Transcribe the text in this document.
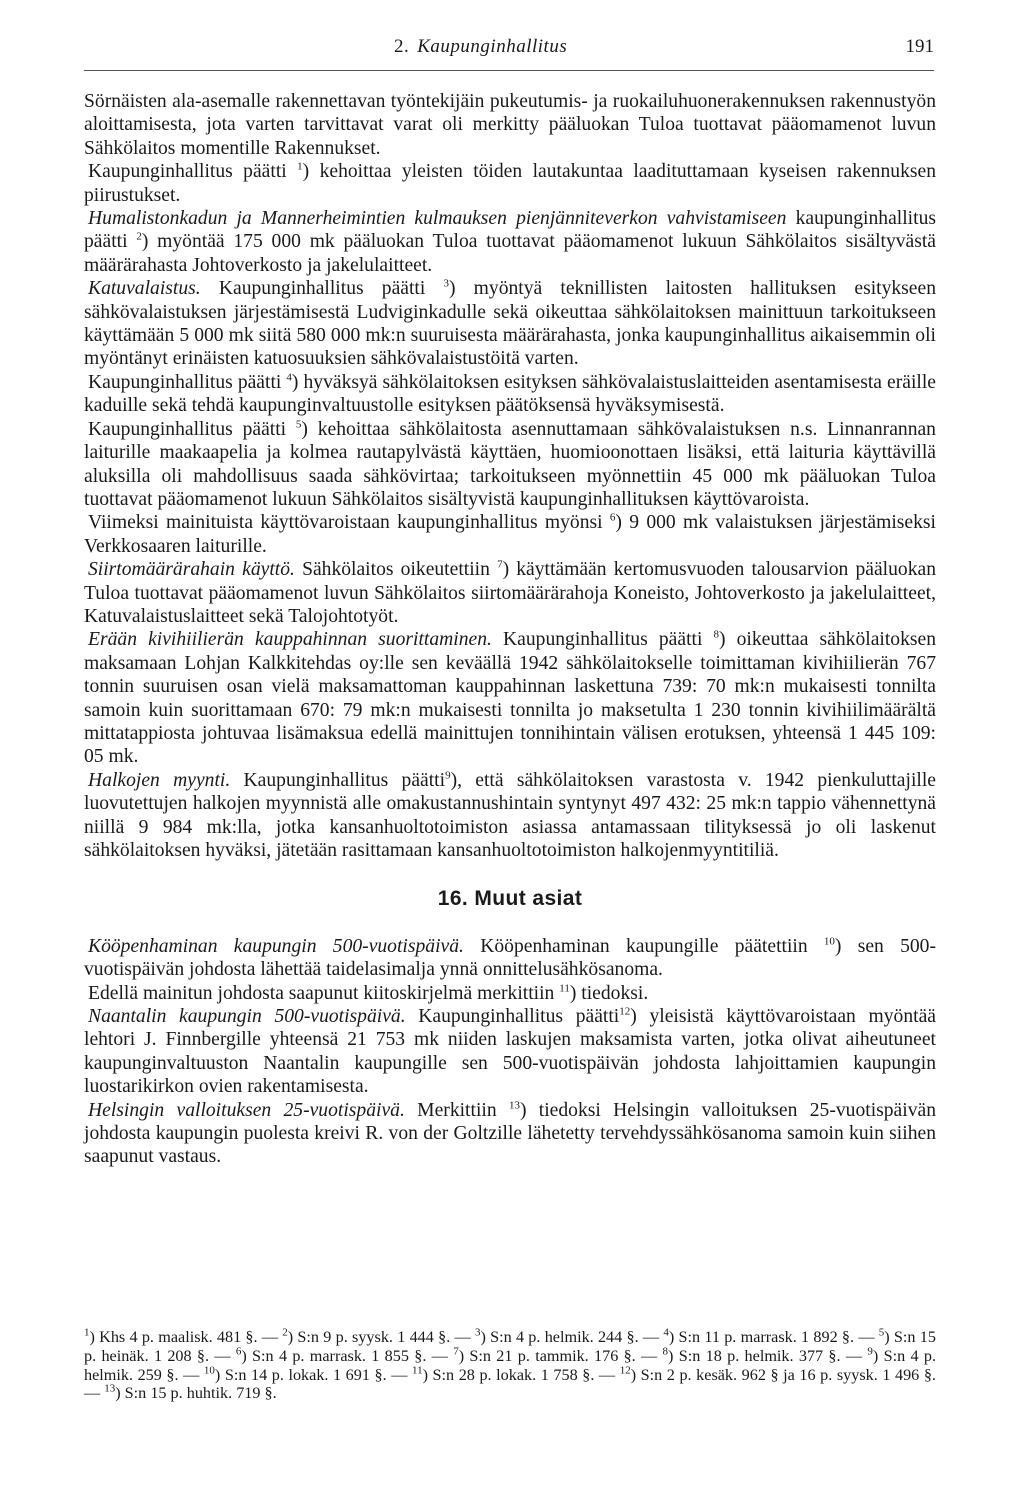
2. Kaupunginhallitus	191

Sörnäisten ala-asemalle rakennettavan työntekijäin pukeutumis- ja ruokailuhuonerakennuksen rakennustyön aloittamisesta, jota varten tarvittavat varat oli merkitty pääluokan Tuloa tuottavat pääomamenot luvun Sähkölaitos momentille Rakennukset.

Kaupunginhallitus päätti $^1$) kehoittaa yleisten töiden lautakuntaa laadituttamaan kyseisen rakennuksen piirustukset.

Humalistonkadun ja Mannerheimintien kulmauksen pienjänniteverkon vahvistamiseen kaupunginhallitus päätti $^2$) myöntää 175 000 mk pääluokan Tuloa tuottavat pääomamenot lukuun Sähkölaitos sisältyvästä määrärahasta Johtoverkosto ja jakelulaitteet.

Katuvalaistus. Kaupunginhallitus päätti $^3$) myöntyä teknillisten laitosten hallituksen esitykseen sähkövalaistuksen järjestämisestä Ludviginkadulle sekä oikeuttaa sähkölaitoksen mainittuun tarkoitukseen käyttämään 5 000 mk siitä 580 000 mk:n suuruisesta määrärahasta, jonka kaupunginhallitus aikaisemmin oli myöntänyt erinäisten katuosuuksien sähkövalaistustöitä varten.

Kaupunginhallitus päätti $^4$) hyväksyä sähkölaitoksen esityksen sähkövalaistuslaitteiden asentamisesta eräille kaduille sekä tehdä kaupunginvaltuustolle esityksen päätöksensä hyväksymisestä.

Kaupunginhallitus päätti $^5$) kehoittaa sähkölaitosta asennuttamaan sähkövalaistuksen n.s. Linnanrannan laiturille maakaapelia ja kolmea rautapylvästä käyttäen, huomioonottaen lisäksi, että laituria käyttävillä aluksilla oli mahdollisuus saada sähkövirtaa; tarkoitukseen myönnettiin 45 000 mk pääluokan Tuloa tuottavat pääomamenot lukuun Sähkölaitos sisältyvistä kaupunginhallituksen käyttövaroista.

Viimeksi mainituista käyttövaroistaan kaupunginhallitus myönsi $^6$) 9 000 mk valaistuksen järjestämiseksi Verkkosaaren laiturille.

Siirtomäärärahain käyttö. Sähkölaitos oikeutettiin $^7$) käyttämään kertomusvuoden talousarvion pääluokan Tuloa tuottavat pääomamenot luvun Sähkölaitos siirtomäärärahoja Koneisto, Johtoverkosto ja jakelulaitteet, Katuvalaistuslaitteet sekä Talojohtotyöt.

Erään kivihiilierän kauppahinnan suorittaminen. Kaupunginhallitus päätti $^8$) oikeuttaa sähkölaitoksen maksamaan Lohjan Kalkkitehdas oy:lle sen keväällä 1942 sähkölaitokselle toimittaman kivihiilierän 767 tonnin suuruisen osan vielä maksamattoman kauppahinnan laskettuna 739: 70 mk:n mukaisesti tonnilta samoin kuin suorittamaan 670: 79 mk:n mukaisesti tonnilta jo maksetulta 1 230 tonnin kivihiilimäärältä mittatappiosta johtuvaa lisämaksua edellä mainittujen tonnihintain välisen erotuksen, yhteensä 1 445 109: 05 mk.

Halkojen myynti. Kaupunginhallitus päätti$^9$), että sähkölaitoksen varastosta v. 1942 pienkuluttajille luovutettujen halkojen myynnistä alle omakustannushintain syntynyt 497 432: 25 mk:n tappio vähennettynä niillä 9 984 mk:lla, jotka kansanhuoltotoimiston asiassa antamassaan tilityksessä jo oli laskenut sähkölaitoksen hyväksi, jätetään rasittamaan kansanhuoltotoimiston halkojenmyyntitiliä.

16. Muut asiat

Kööpenhaminan kaupungin 500-vuotispäivä. Kööpenhaminan kaupungille päätettiin $^{10}$) sen 500-vuotispäivän johdosta lähettää taidelasimalja ynnä onnittelusähkösanoma.

Edellä mainitun johdosta saapunut kiitoskirjelmä merkittiin $^{11}$) tiedoksi.

Naantalin kaupungin 500-vuotispäivä. Kaupunginhallitus päätti$^{12}$) yleisistä käyttövaroistaan myöntää lehtori J. Finnbergille yhteensä 21 753 mk niiden laskujen maksamista varten, jotka olivat aiheutuneet kaupunginvaltuuston Naantalin kaupungille sen 500-vuotispäivän johdosta lahjoittamien kaupungin luostarikirkon ovien rakentamisesta.

Helsingin valloituksen 25-vuotispäivä. Merkittiin $^{13}$) tiedoksi Helsingin valloituksen 25-vuotispäivän johdosta kaupungin puolesta kreivi R. von der Goltzille lähetetty tervehdyssähkösanoma samoin kuin siihen saapunut vastaus.

$^1$) Khs 4 p. maalisk. 481 §. — $^2$) S:n 9 p. syysk. 1 444 §. — $^3$) S:n 4 p. helmik. 244 §. — $^4$) S:n 11 p. marrask. 1 892 §. — $^5$) S:n 15 p. heinäk. 1 208 §. — $^6$) S:n 4 p. marrask. 1 855 §. — $^7$) S:n 21 p. tammik. 176 §. — $^8$) S:n 18 p. helmik. 377 §. — $^9$) S:n 4 p. helmik. 259 §. — $^{10}$) S:n 14 p. lokak. 1 691 §. — $^{11}$) S:n 28 p. lokak. 1 758 §. — $^{12}$) S:n 2 p. kesäk. 962 § ja 16 p. syysk. 1 496 §. — $^{13}$) S:n 15 p. huhtik. 719 §.
